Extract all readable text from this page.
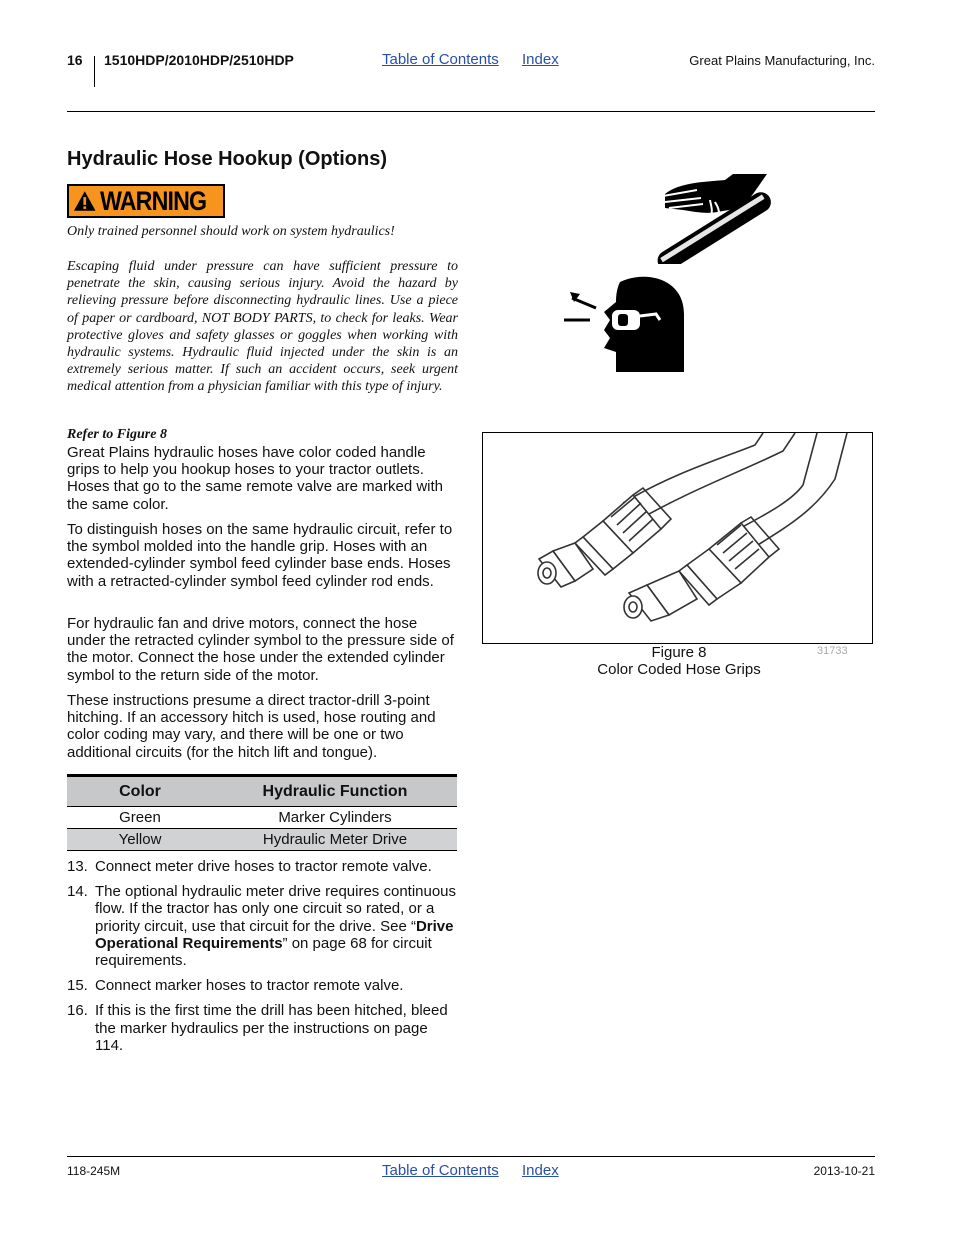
16 1510HDP/2010HDP/2510HDP	Table of Contents Index	Great Plains Manufacturing, Inc.
Hydraulic Hose Hookup (Options)
WARNING

Only trained personnel should work on system hydraulics!

Escaping fluid under pressure can have sufficient pressure to penetrate the skin, causing serious injury. Avoid the hazard by relieving pressure before disconnecting hydraulic lines. Use a piece of paper or cardboard, NOT BODY PARTS, to check for leaks. Wear protective gloves and safety glasses or goggles when working with hydraulic systems. Hydraulic fluid injected under the skin is an extremely serious matter. If such an accident occurs, seek urgent medical attention from a physician familiar with this type of injury.

Refer to Figure 8

Great Plains hydraulic hoses have color coded handle grips to help you hookup hoses to your tractor outlets. Hoses that go to the same remote valve are marked with the same color.

To distinguish hoses on the same hydraulic circuit, refer to the symbol molded into the handle grip. Hoses with an extended-cylinder symbol feed cylinder base ends. Hoses with a retracted-cylinder symbol feed cylinder rod ends.

For hydraulic fan and drive motors, connect the hose under the retracted cylinder symbol to the pressure side of the motor. Connect the hose under the extended cylinder symbol to the return side of the motor.

These instructions presume a direct tractor-drill 3-point hitching. If an accessory hitch is used, hose routing and color coding may vary, and there will be one or two additional circuits (for the hitch lift and tongue).

Color	Hydraulic Function
Green	Marker Cylinders
Yellow	Hydraulic Meter Drive
13. Connect meter drive hoses to tractor remote valve.
14. The optional hydraulic meter drive requires continuous flow. If the tractor has only one circuit so rated, or a priority circuit, use that circuit for the drive. See “Drive Operational Requirements” on page 68 for circuit requirements.
15. Connect marker hoses to tractor remote valve.
16. If this is the first time the drill has been hitched, bleed the marker hydraulics per the instructions on page 114.
31733
Figure 8
Color Coded Hose Grips
118-245M	Table of Contents Index	2013-10-21
